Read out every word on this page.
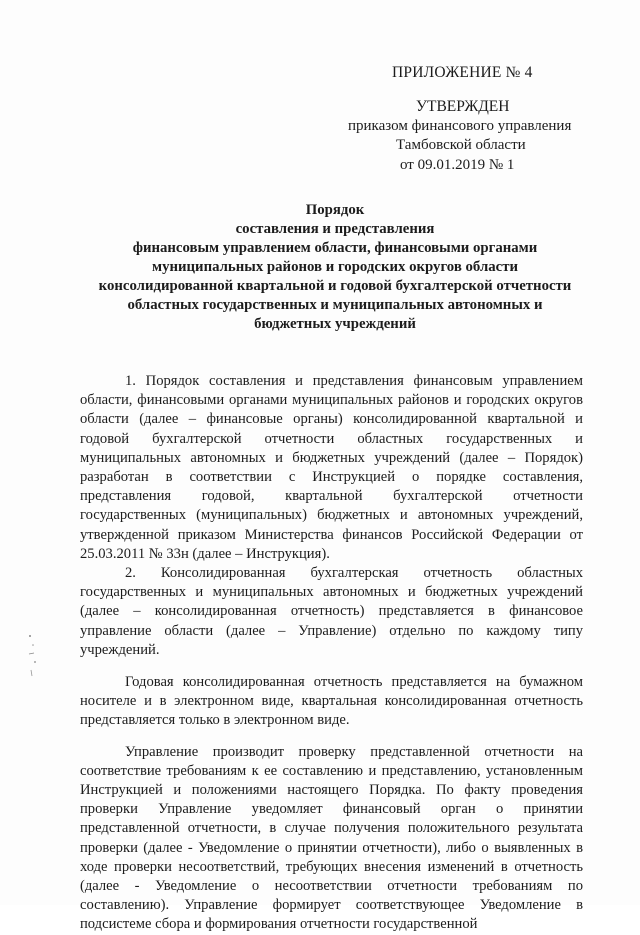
ПРИЛОЖЕНИЕ № 4
УТВЕРЖДЕН
приказом финансового управления
Тамбовской области
от 09.01.2019 № 1
Порядок
составления и представления
финансовым управлением области, финансовыми органами
муниципальных районов и городских округов области
консолидированной квартальной и годовой бухгалтерской отчетности
областных государственных и муниципальных автономных и
бюджетных учреждений

1. Порядок составления и представления финансовым управлением области, финансовыми органами муниципальных районов и городских округов области (далее – финансовые органы) консолидированной квартальной и годовой бухгалтерской отчетности областных государственных и муниципальных автономных и бюджетных учреждений (далее – Порядок) разработан в соответствии с Инструкцией о порядке составления, представления годовой, квартальной бухгалтерской отчетности государственных (муниципальных) бюджетных и автономных учреждений, утвержденной приказом Министерства финансов Российской Федерации от 25.03.2011 № 33н (далее – Инструкция).

2. Консолидированная бухгалтерская отчетность областных государственных и муниципальных автономных и бюджетных учреждений (далее – консолидированная отчетность) представляется в финансовое управление области (далее – Управление) отдельно по каждому типу учреждений.

Годовая консолидированная отчетность представляется на бумажном носителе и в электронном виде, квартальная консолидированная отчетность представляется только в электронном виде.

Управление производит проверку представленной отчетности на соответствие требованиям к ее составлению и представлению, установленным Инструкцией и положениями настоящего Порядка. По факту проведения проверки Управление уведомляет финансовый орган о принятии представленной отчетности, в случае получения положительного результата проверки (далее - Уведомление о принятии отчетности), либо о выявленных в ходе проверки несоответствий, требующих внесения изменений в отчетность (далее - Уведомление о несоответствии отчетности требованиям по составлению). Управление формирует соответствующее Уведомление в подсистеме сбора и формирования отчетности государственной
